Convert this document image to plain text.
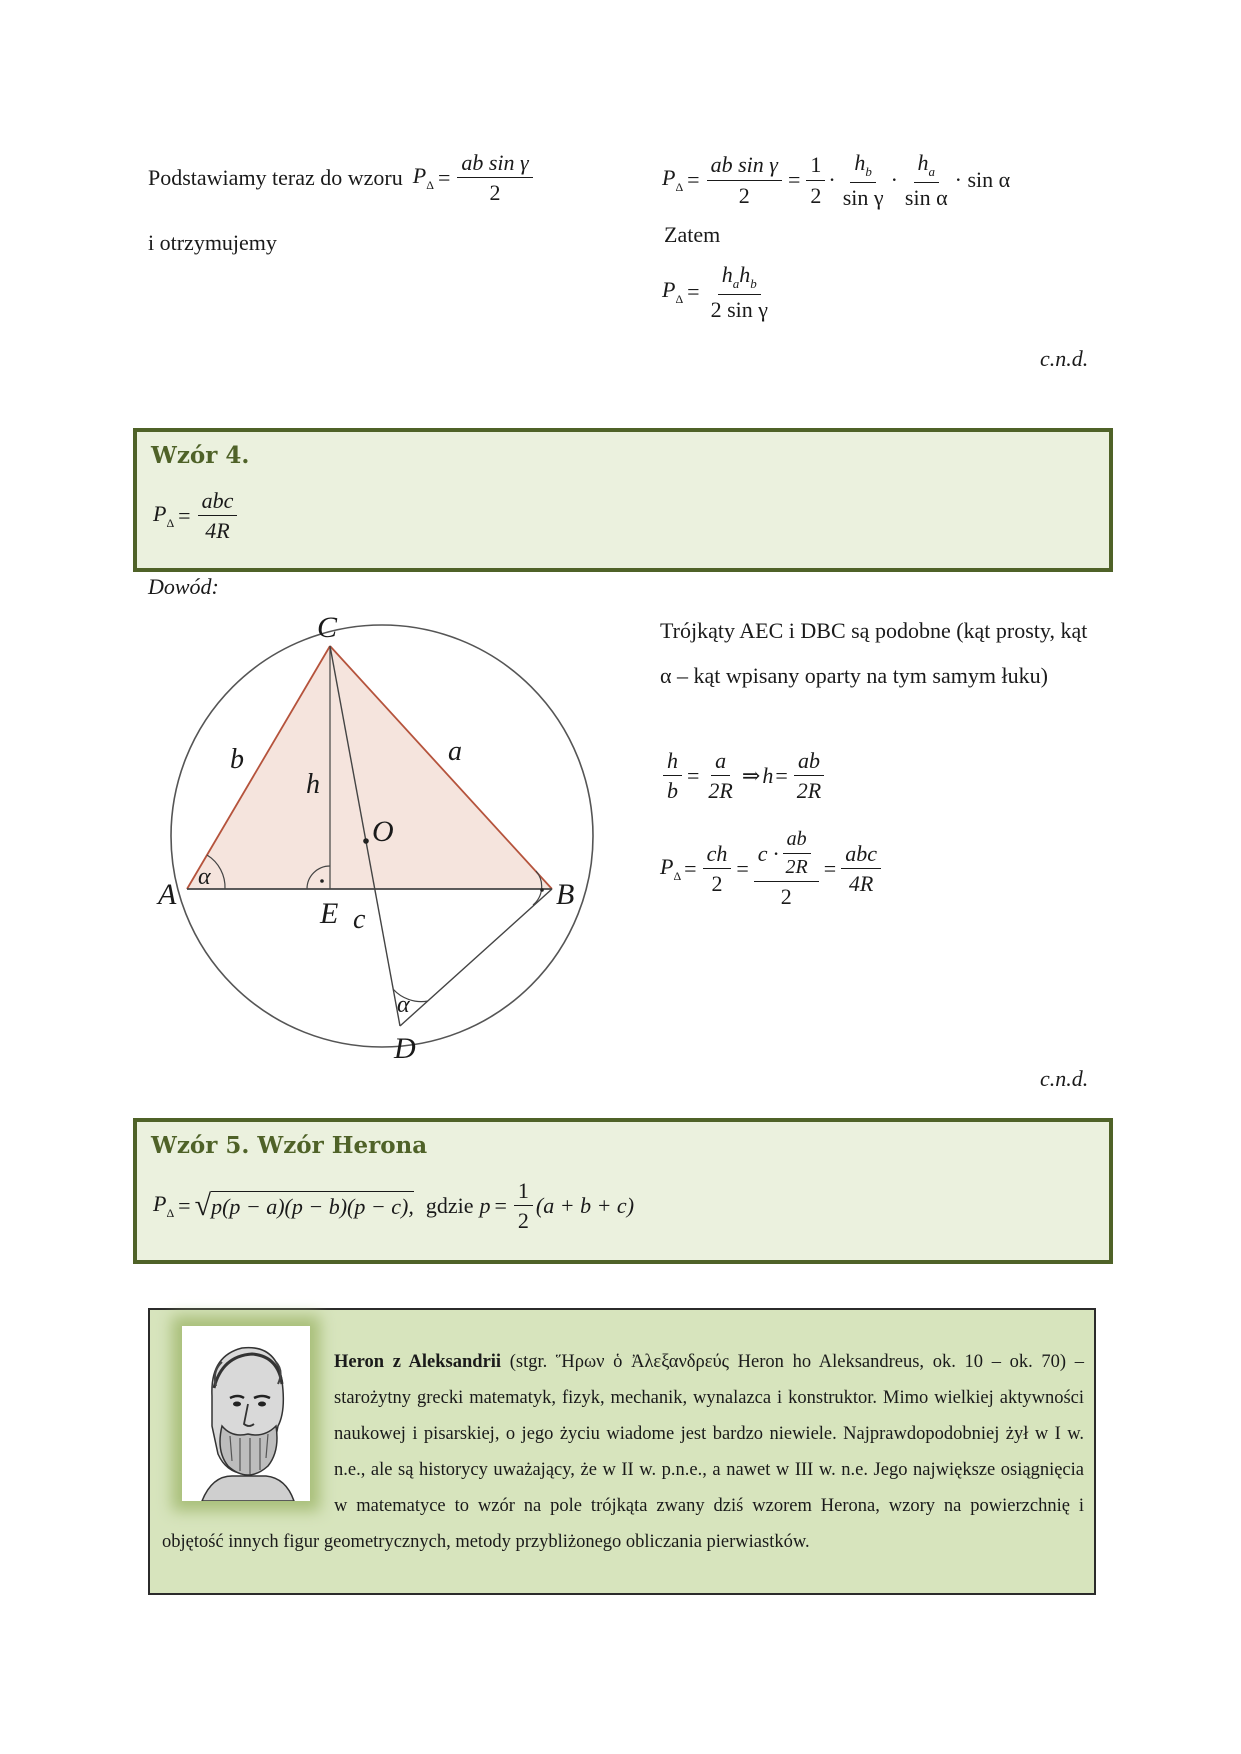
Podstawiamy teraz do wzoru $P_\Delta = \frac{\text{ab sin γ}}{2}$
i otrzymujemy
$P_\Delta = \frac{\text{ab sin γ}}{2} = \frac{1}{2} \cdot \frac{h_b}{\text{sin γ}} \cdot \frac{h_a}{\text{sin α}} \cdot \sin \alpha$
Zatem
$P_\Delta = \frac{h_ah_b}{\text{2 sin γ}}$
c.n.d.
Wzór 4.
$P_\Delta = \frac{\text{abc}}{4R}$
Dowód:
C
A	B
E
D
O
a
b
c
h
α
α
Trójkąty AEC i DBC są podobne (kąt prosty, kąt α – kąt wpisany oparty na tym samym łuku)
$\frac{h}{b} = \frac{a}{2R}$ ⇒ $h = \frac{ab}{2R}$
$P_\Delta = \frac{ch}{2} = \frac{c \cdot \frac{ab}{2R}}{2} = \frac{\text{abc}}{4R}$
c.n.d.
Wzór 5. Wzór Herona
$P_\Delta$ = √ p(p − a)(p − b)(p − c), gdzie $p = \frac{1}{2} (a + b + c)$
Heron z Aleksandrii (stgr. Ἥρων ὁ Ἀλεξανδρεύς Heron ho Aleksandreus, ok. 10 – ok. 70) – starożytny grecki matematyk, fizyk, mechanik, wynalazca i konstruktor. Mimo wielkiej aktywności naukowej i pisarskiej, o jego życiu wiadome jest bardzo niewiele. Najprawdopodobniej żył w I w. n.e., ale są historycy uważający, że w II w. p.n.e., a nawet w III w. n.e. Jego największe osiągnięcia w matematyce to wzór na pole trójkąta zwany dziś wzorem Herona, wzory na powierzchnię i objętość innych figur geometrycznych, metody przybliżonego obliczania pierwiastków.
